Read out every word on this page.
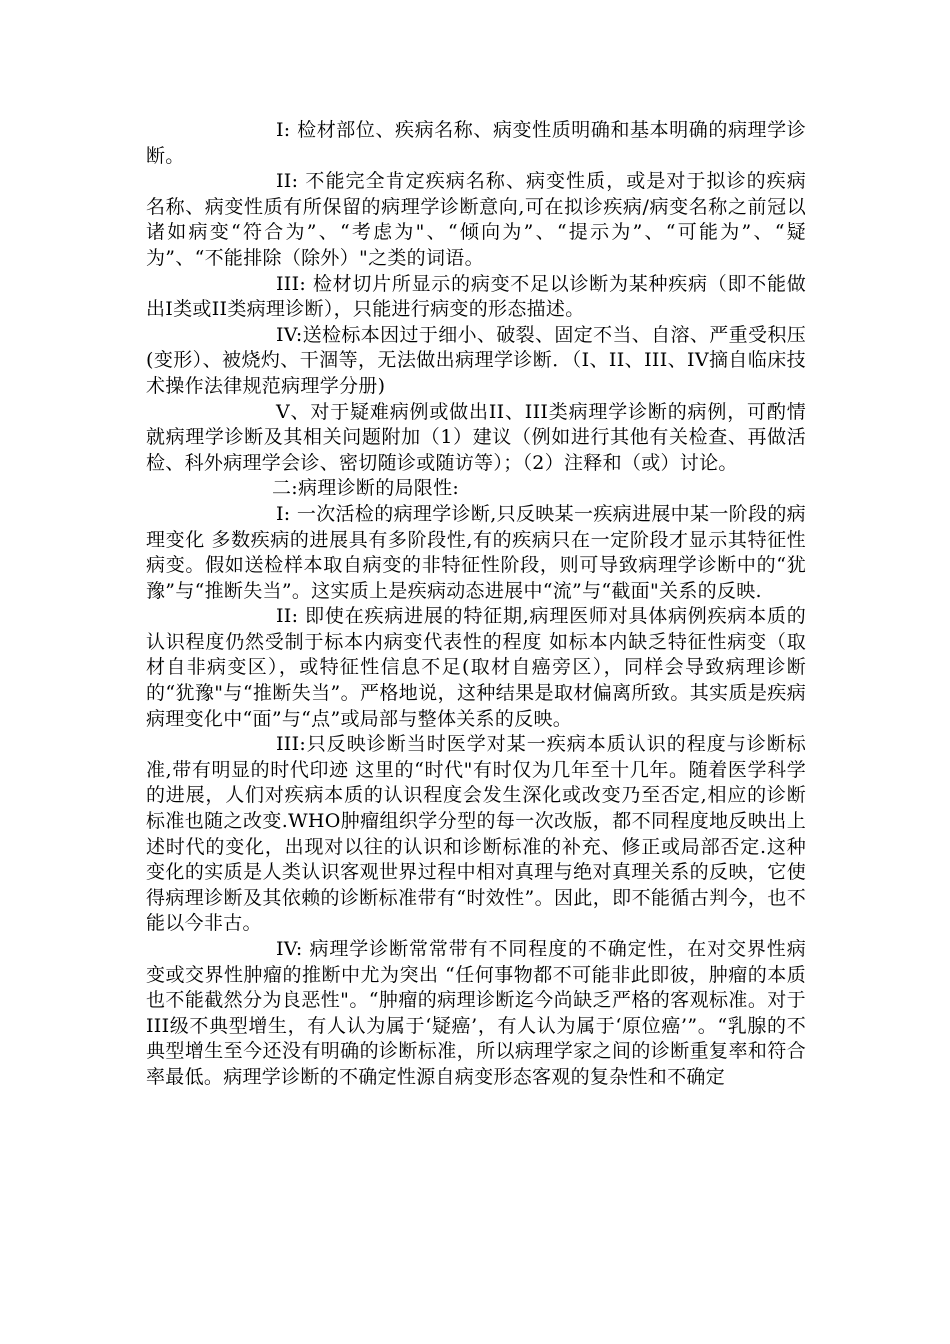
I: 检材部位、疾病名称、病变性质明确和基本明确的病理学诊断。

II: 不能完全肯定疾病名称、病变性质，或是对于拟诊的疾病名称、病变性质有所保留的病理学诊断意向,可在拟诊疾病/病变名称之前冠以诸如病变“符合为”、“考虑为"、“倾向为”、“提示为”、“可能为”、“疑为”、“不能排除（除外）"之类的词语。

III: 检材切片所显示的病变不足以诊断为某种疾病（即不能做出I类或II类病理诊断），只能进行病变的形态描述。

IV:送检标本因过于细小、破裂、固定不当、自溶、严重受积压(变形）、被烧灼、干涸等，无法做出病理学诊断．（I、II、III、IV摘自临床技术操作法律规范病理学分册)

V、对于疑难病例或做出II、III类病理学诊断的病例，可酌情就病理学诊断及其相关问题附加（1）建议（例如进行其他有关检查、再做活检、科外病理学会诊、密切随诊或随访等）；（2）注释和（或）讨论。

二:病理诊断的局限性:

I: 一次活检的病理学诊断,只反映某一疾病进展中某一阶段的病理变化 多数疾病的进展具有多阶段性,有的疾病只在一定阶段才显示其特征性病变。假如送检样本取自病变的非特征性阶段，则可导致病理学诊断中的“犹豫”与“推断失当”。这实质上是疾病动态进展中“流”与“截面"关系的反映.

II: 即使在疾病进展的特征期,病理医师对具体病例疾病本质的认识程度仍然受制于标本内病变代表性的程度 如标本内缺乏特征性病变（取材自非病变区），或特征性信息不足(取材自癌旁区），同样会导致病理诊断的“犹豫"与“推断失当”。严格地说，这种结果是取材偏离所致。其实质是疾病病理变化中“面”与“点”或局部与整体关系的反映。

III:只反映诊断当时医学对某一疾病本质认识的程度与诊断标准,带有明显的时代印迹 这里的“时代"有时仅为几年至十几年。随着医学科学的进展，人们对疾病本质的认识程度会发生深化或改变乃至否定,相应的诊断标准也随之改变.WHO肿瘤组织学分型的每一次改版，都不同程度地反映出上述时代的变化，出现对以往的认识和诊断标准的补充、修正或局部否定.这种变化的实质是人类认识客观世界过程中相对真理与绝对真理关系的反映，它使得病理诊断及其依赖的诊断标准带有“时效性”。因此，即不能循古判今，也不能以今非古。

IV: 病理学诊断常常带有不同程度的不确定性，在对交界性病变或交界性肿瘤的推断中尤为突出 “任何事物都不可能非此即彼，肿瘤的本质也不能截然分为良恶性"。“肿瘤的病理诊断迄今尚缺乏严格的客观标准。对于III级不典型增生，有人认为属于‘疑癌’，有人认为属于‘原位癌’”。“乳腺的不典型增生至今还没有明确的诊断标准，所以病理学家之间的诊断重复率和符合率最低。病理学诊断的不确定性源自病变形态客观的复杂性和不确定
